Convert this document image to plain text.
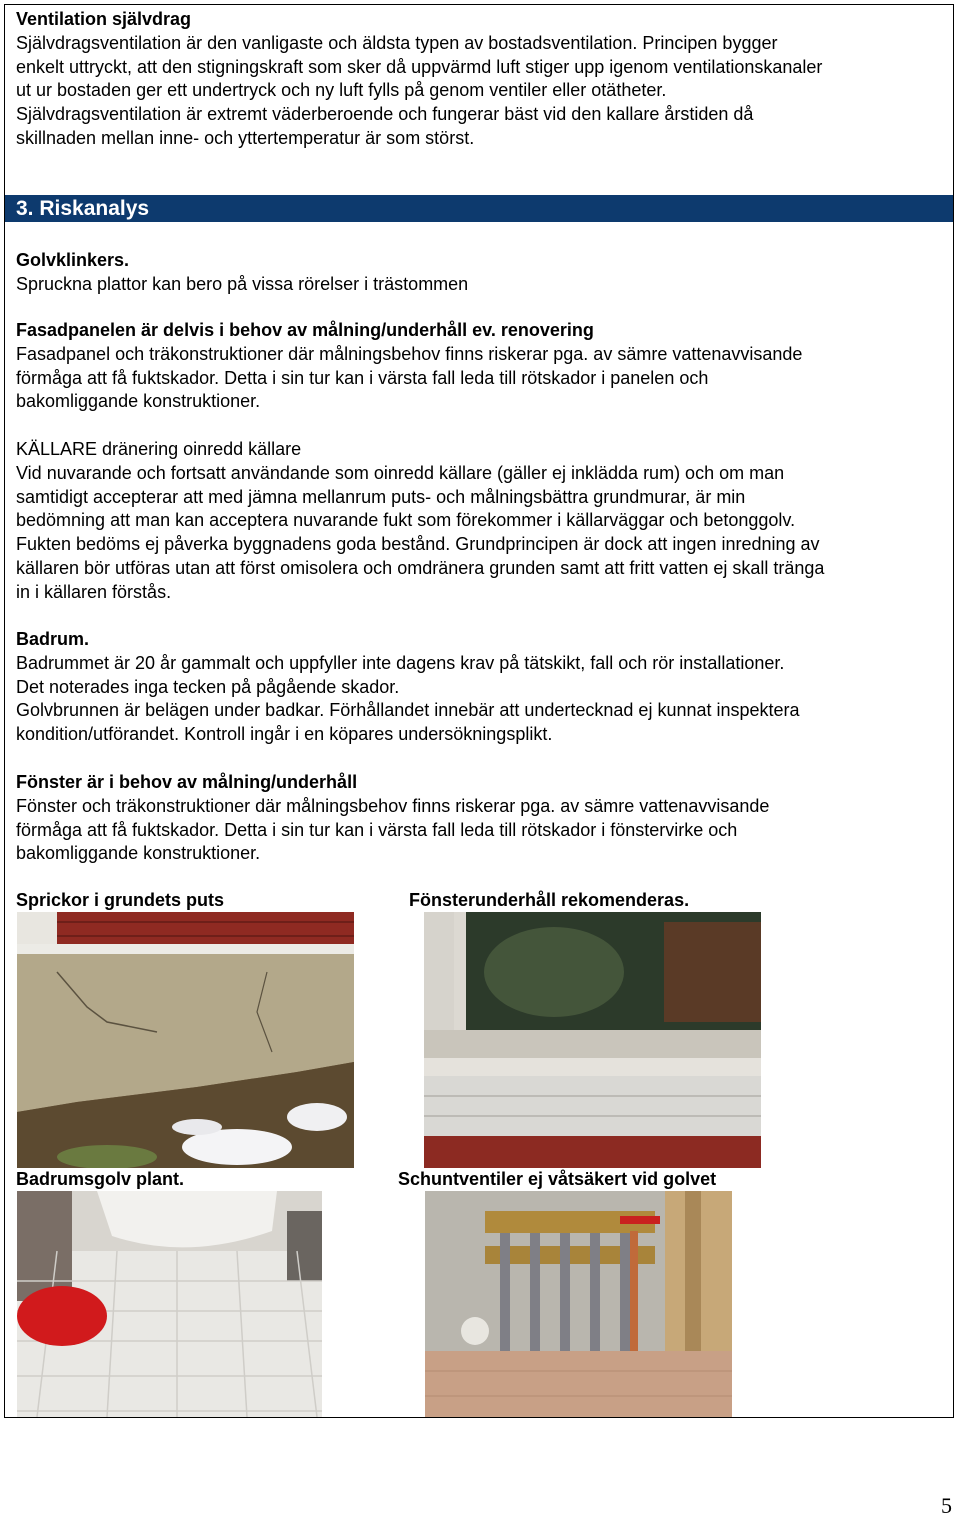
Ventilation självdrag

Självdragsventilation är den vanligaste och äldsta typen av bostadsventilation. Principen bygger

enkelt uttryckt, att den stigningskraft som sker då uppvärmd luft stiger upp igenom ventilationskanaler

ut ur bostaden ger ett undertryck och ny luft fylls på genom ventiler eller otätheter.

Självdragsventilation är extremt väderberoende och fungerar bäst vid den kallare årstiden då

skillnaden mellan inne- och yttertemperatur är som störst.

3. Riskanalys

Golvklinkers.

Spruckna plattor kan bero på vissa rörelser i trästommen

Fasadpanelen är delvis i behov av målning/underhåll ev. renovering

Fasadpanel och träkonstruktioner där målningsbehov finns riskerar pga. av sämre vattenavvisande

förmåga att få fuktskador. Detta i sin tur kan i värsta fall leda till rötskador i panelen och

bakomliggande konstruktioner.

KÄLLARE dränering oinredd källare

Vid nuvarande och fortsatt användande som oinredd källare (gäller ej inklädda rum) och om man

samtidigt accepterar att med jämna mellanrum puts- och målningsbättra grundmurar, är min

bedömning att man kan acceptera nuvarande fukt som förekommer i källarväggar och betonggolv.

Fukten bedöms ej påverka byggnadens goda bestånd. Grundprincipen är dock att ingen inredning av

källaren bör utföras utan att först omisolera och omdränera grunden samt att fritt vatten ej skall tränga

in i källaren förstås.

Badrum.

Badrummet är 20 år gammalt och uppfyller inte dagens krav på tätskikt, fall och rör installationer.

Det noterades inga tecken på pågående skador.

Golvbrunnen är belägen under badkar. Förhållandet innebär att undertecknad ej kunnat inspektera

kondition/utförandet. Kontroll ingår i en köpares undersökningsplikt.

Fönster är i behov av målning/underhåll

Fönster och träkonstruktioner där målningsbehov finns riskerar pga. av sämre vattenavvisande

förmåga att få fuktskador. Detta i sin tur kan i värsta fall leda till rötskador i fönstervirke och

bakomliggande konstruktioner.

Sprickor i grundets puts	Fönsterunderhåll rekomenderas.
Badrumsgolv plant.	Schuntventiler ej våtsäkert vid golvet
5
